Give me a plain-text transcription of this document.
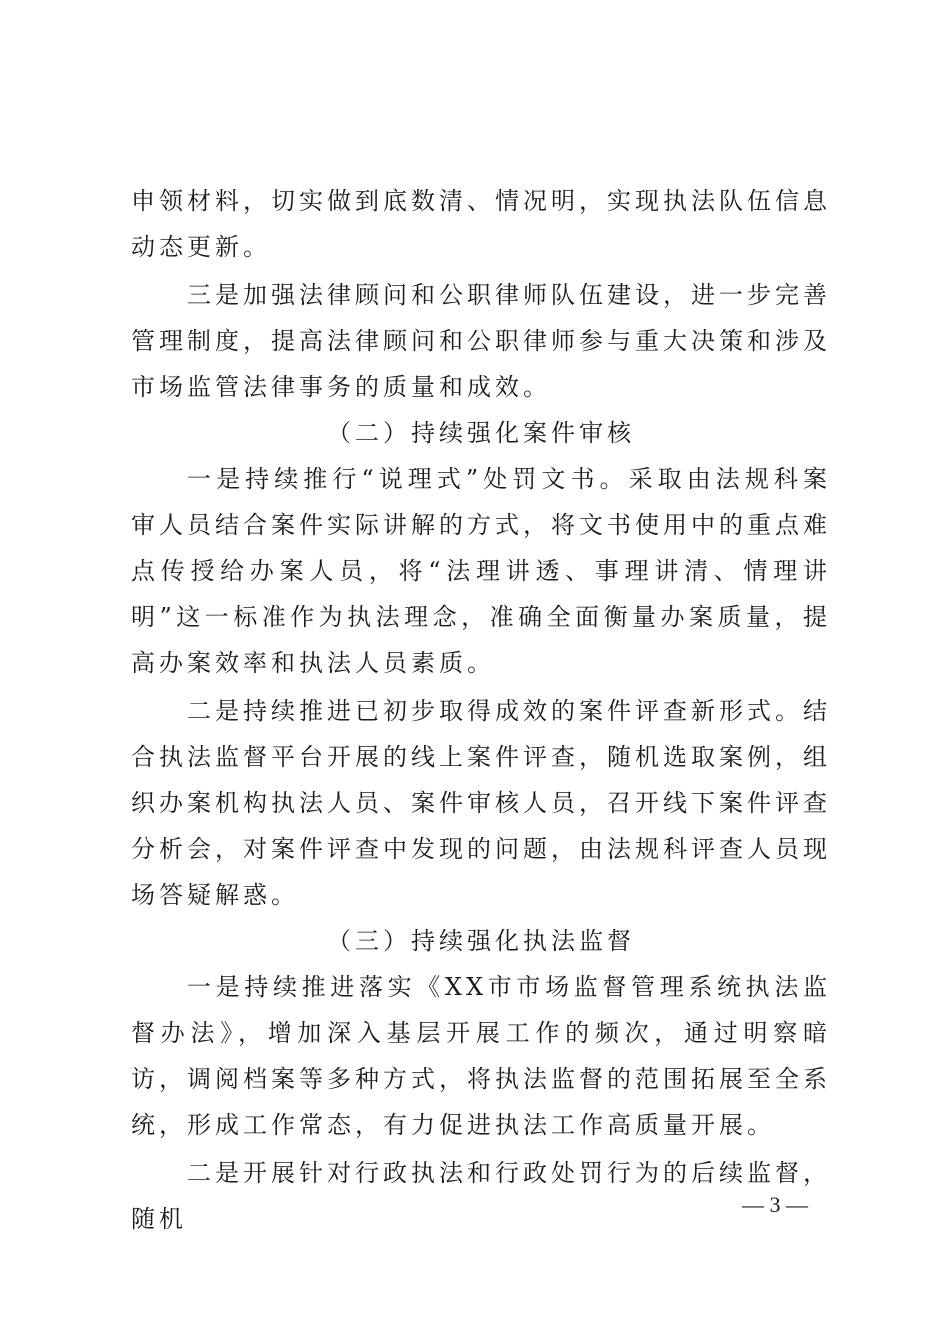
申领材料，切实做到底数清、情况明，实现执法队伍信息动态更新。

三是加强法律顾问和公职律师队伍建设，进一步完善管理制度，提高法律顾问和公职律师参与重大决策和涉及市场监管法律事务的质量和成效。

（二）持续强化案件审核

一是持续推行“说理式”处罚文书。采取由法规科案审人员结合案件实际讲解的方式，将文书使用中的重点难点传授给办案人员，将“法理讲透、事理讲清、情理讲明”这一标准作为执法理念，准确全面衡量办案质量，提高办案效率和执法人员素质。

二是持续推进已初步取得成效的案件评查新形式。结合执法监督平台开展的线上案件评查，随机选取案例，组织办案机构执法人员、案件审核人员，召开线下案件评查分析会，对案件评查中发现的问题，由法规科评查人员现场答疑解惑。

（三）持续强化执法监督

一是持续推进落实《XX市市场监督管理系统执法监督办法》，增加深入基层开展工作的频次，通过明察暗访，调阅档案等多种方式，将执法监督的范围拓展至全系统，形成工作常态，有力促进执法工作高质量开展。

二是开展针对行政执法和行政处罚行为的后续监督，随机

— 3 —
